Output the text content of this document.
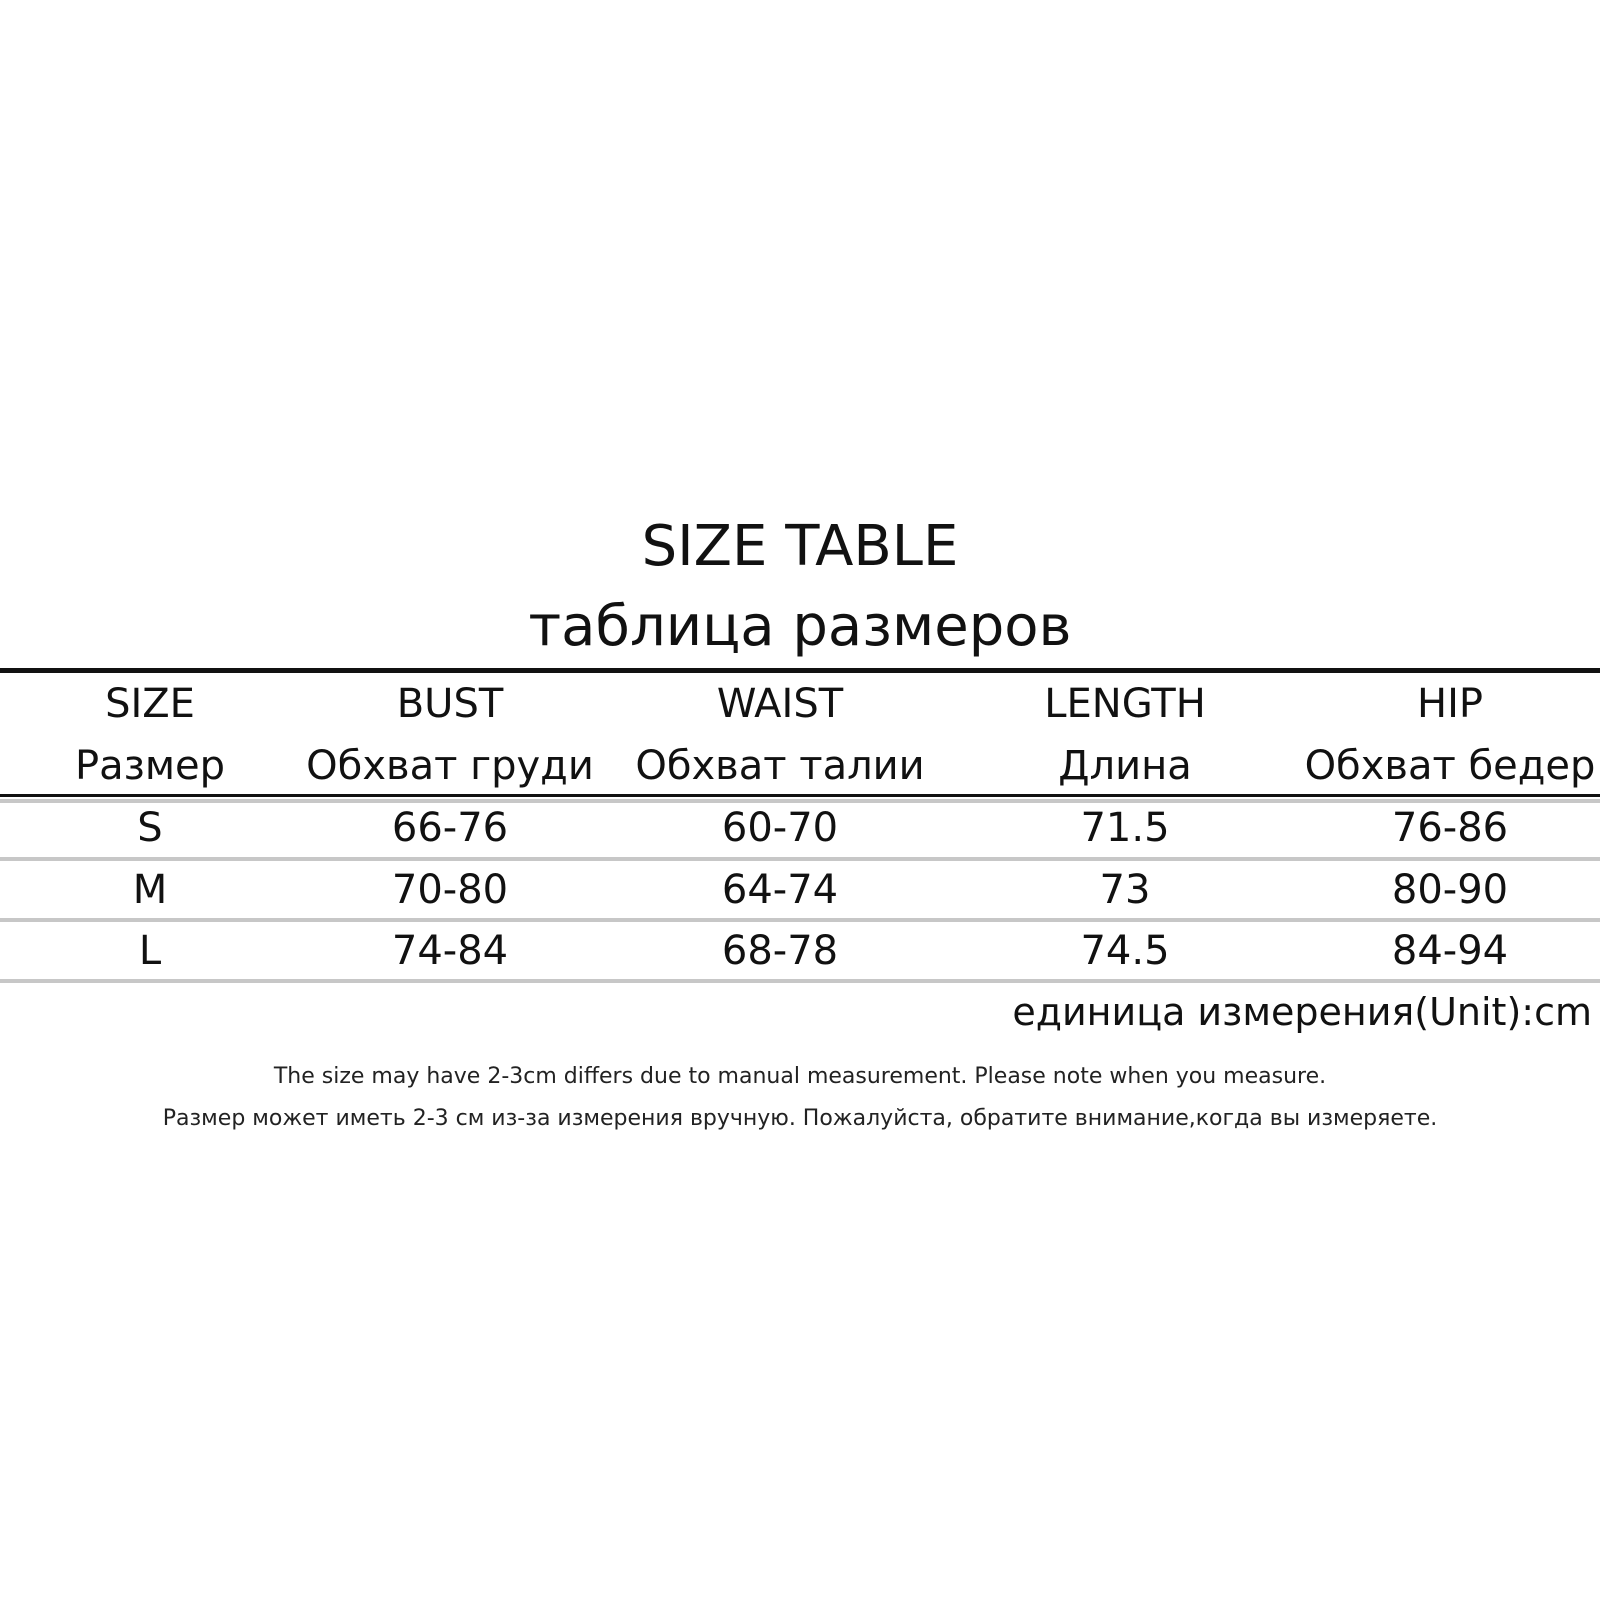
SIZE TABLE
таблица размеров
SIZE	BUST	WAIST	LENGTH	HIP
Размер	Обхват груди	Обхват талии	Длина	Обхват бедер
S	66-76	60-70	71.5	76-86
M	70-80	64-74	73	80-90
L	74-84	68-78	74.5	84-94
единица измерения(Unit):cm
The size may have 2-3cm differs due to manual measurement. Please note when you measure.
Размер может иметь 2-3 см из-за измерения вручную. Пожалуйста, обратите внимание,когда вы измеряете.
